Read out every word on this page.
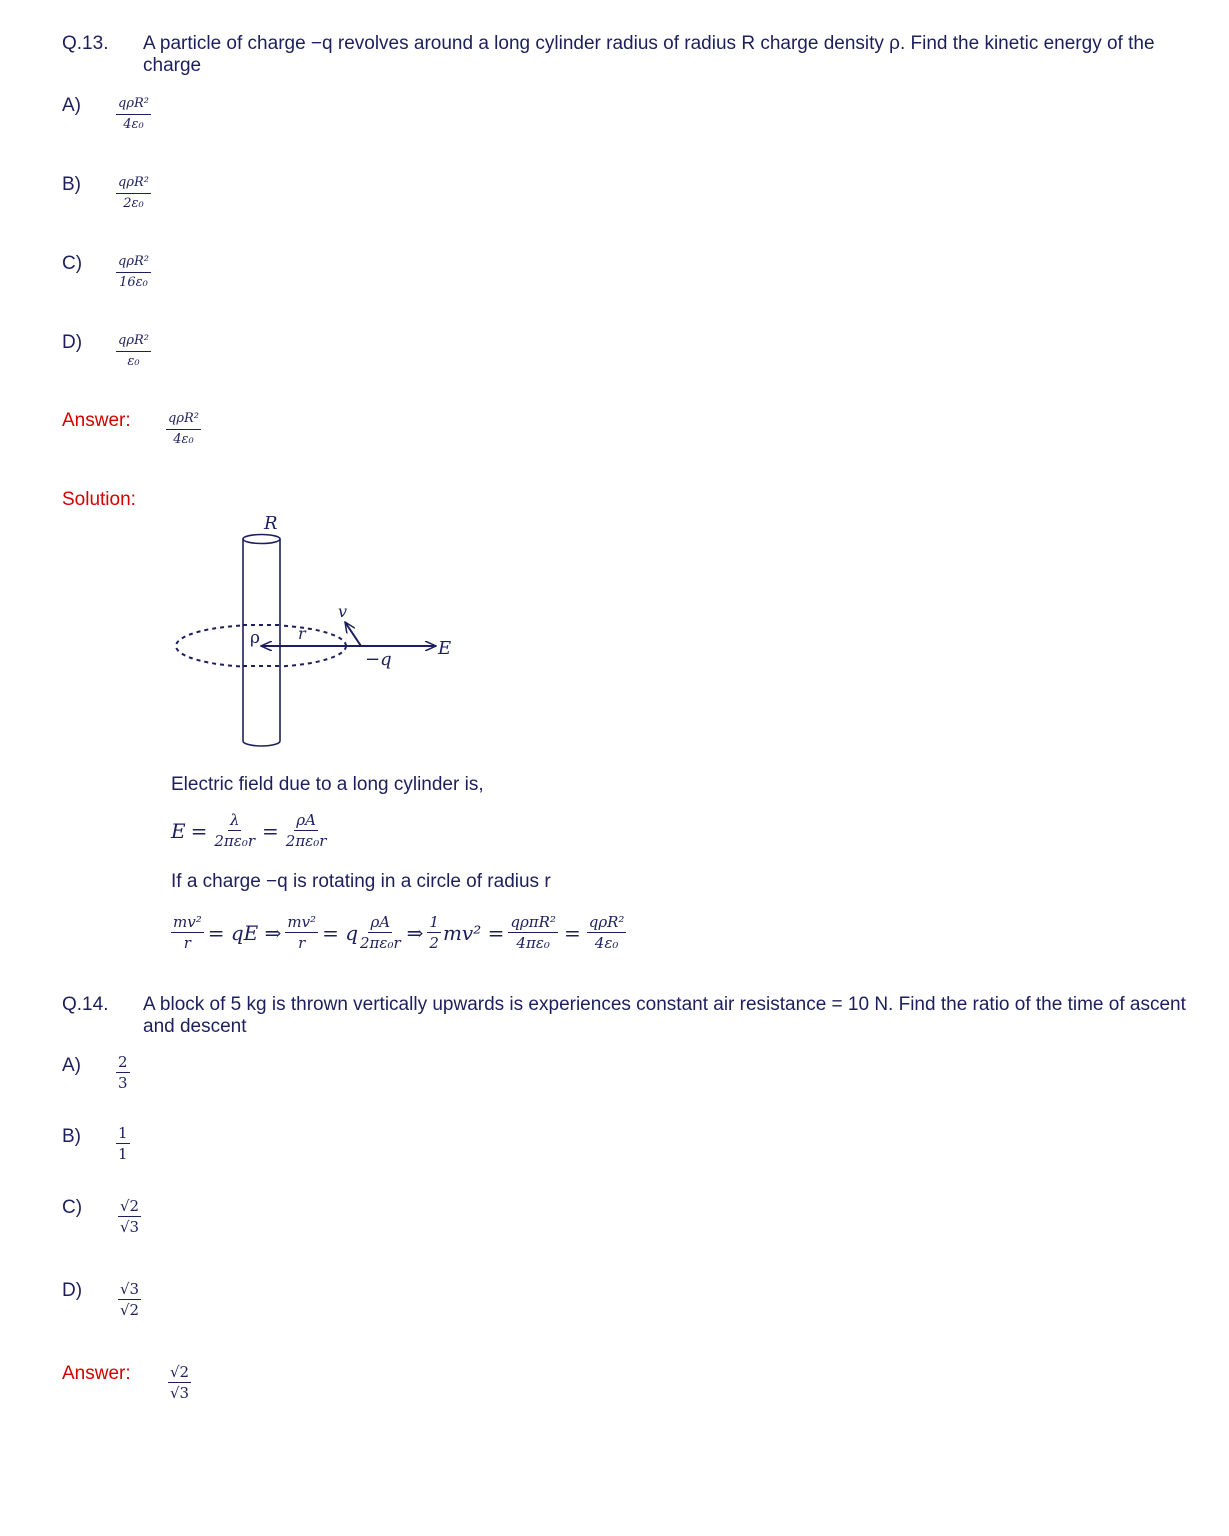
Q.13. A particle of charge −q revolves around a long cylinder radius of radius R charge density ρ. Find the kinetic energy of the
charge
A)	$\frac{\text{qρR²}}{\text{4ε₀}}$
B)	$\frac{\text{qρR²}}{\text{2ε₀}}$
C)	$\frac{\text{qρR²}}{\text{16ε₀}}$
D)	$\frac{\text{qρR²}}{\text{ε₀}}$
Answer:	$\frac{\text{qρR²}}{\text{4ε₀}}$
Solution:
R
ρ r
v
−q
E
Electric field due to a long cylinder is,
$E = \frac{\lambda}{\text{2πε₀r}} = \frac{\rho A}{\text{2πε₀r}}$
If a charge −q is rotating in a circle of radius r
$\frac{\text{mv²}}{r}$ = qE ⇒ $\frac{\text{mv²}}{r} = q \frac{\rho A}{\text{2πε₀r}}$ ⇒ $\frac{1}{2} mv^2 = \frac{\text{qρπR²}}{\text{4πε₀}} = \frac{\text{qρR²}}{\text{4ε₀}}$
Q.14. A block of 5 kg is thrown vertically upwards is experiences constant air resistance = 10 N. Find the ratio of the time of ascent
and descent
$A) \frac{2}{3}$
$B) \frac{1}{1}$
$C) \frac{√2}{√3}$
$D) \frac{√3}{√2}$
Answer: $\frac{√2}{√3}$
